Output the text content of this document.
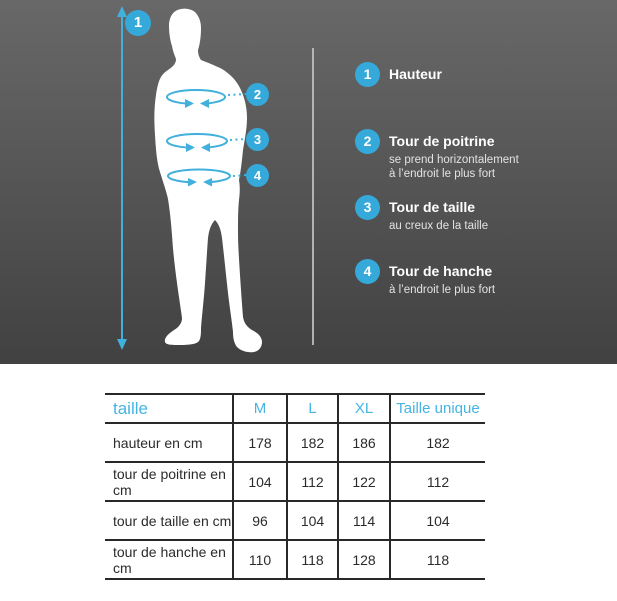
1
2
3
4
1	Hauteur
2	Tour de poitrine
se prend horizontalement
à l’endroit le plus fort
3	Tour de taille
au creux de la taille
4	Tour de hanche
à l’endroit le plus fort
taille	M	L	XL	Taille unique
hauteur en cm	178	182	186	182
tour de poitrine en cm	104	112	122	112
tour de taille en cm	96	104	114	104
tour de hanche en cm	110	118	128	118
